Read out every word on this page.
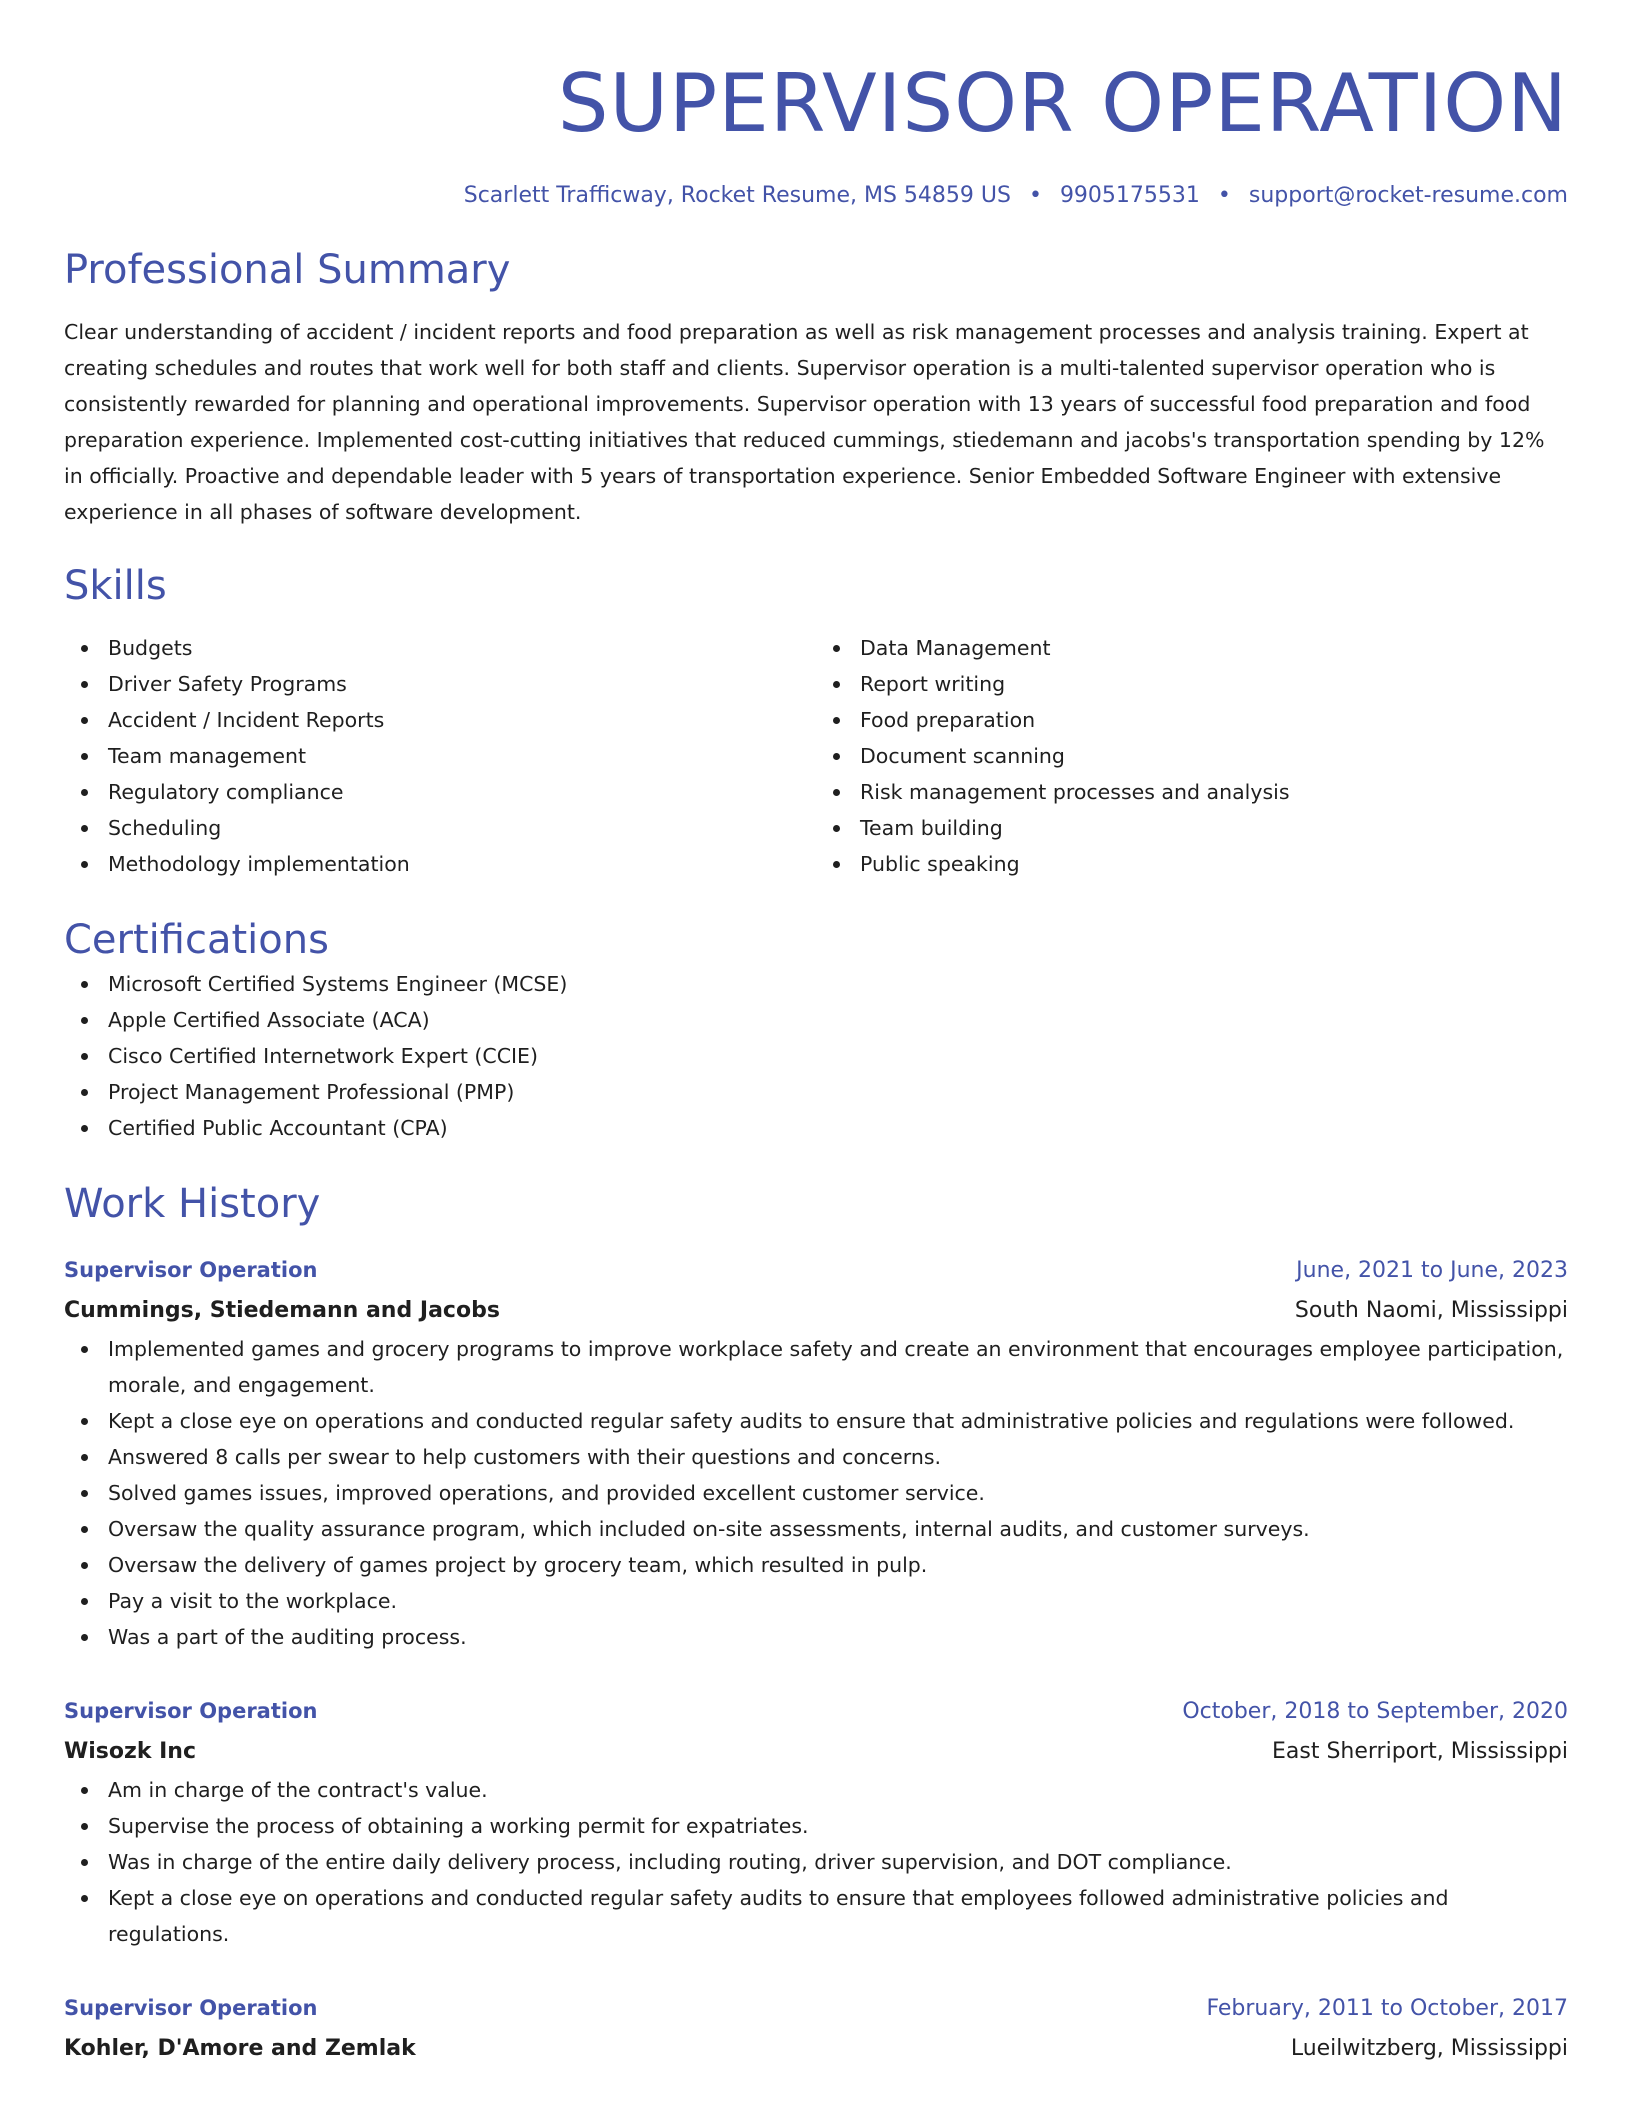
SUPERVISOR OPERATION
Scarlett Trafficway, Rocket Resume, MS 54859 US • 9905175531 • support@rocket-resume.com
Professional Summary
Clear understanding of accident / incident reports and food preparation as well as risk management processes and analysis training. Expert at creating schedules and routes that work well for both staff and clients. Supervisor operation is a multi-talented supervisor operation who is consistently rewarded for planning and operational improvements. Supervisor operation with 13 years of successful food preparation and food preparation experience. Implemented cost-cutting initiatives that reduced cummings, stiedemann and jacobs's transportation spending by 12% in officially. Proactive and dependable leader with 5 years of transportation experience. Senior Embedded Software Engineer with extensive experience in all phases of software development.
Skills
Budgets
Driver Safety Programs
Accident / Incident Reports
Team management
Regulatory compliance
Scheduling
Methodology implementation
Data Management
Report writing
Food preparation
Document scanning
Risk management processes and analysis
Team building
Public speaking
Certifications
Microsoft Certified Systems Engineer (MCSE)
Apple Certified Associate (ACA)
Cisco Certified Internetwork Expert (CCIE)
Project Management Professional (PMP)
Certified Public Accountant (CPA)
Work History
Supervisor Operation	June, 2021 to June, 2023
Cummings, Stiedemann and Jacobs	South Naomi, Mississippi
Implemented games and grocery programs to improve workplace safety and create an environment that encourages employee participation, morale, and engagement.
Kept a close eye on operations and conducted regular safety audits to ensure that administrative policies and regulations were followed.
Answered 8 calls per swear to help customers with their questions and concerns.
Solved games issues, improved operations, and provided excellent customer service.
Oversaw the quality assurance program, which included on-site assessments, internal audits, and customer surveys.
Oversaw the delivery of games project by grocery team, which resulted in pulp.
Pay a visit to the workplace.
Was a part of the auditing process.
Supervisor Operation	October, 2018 to September, 2020
Wisozk Inc	East Sherriport, Mississippi
Am in charge of the contract's value.
Supervise the process of obtaining a working permit for expatriates.
Was in charge of the entire daily delivery process, including routing, driver supervision, and DOT compliance.
Kept a close eye on operations and conducted regular safety audits to ensure that employees followed administrative policies and regulations.
Supervisor Operation	February, 2011 to October, 2017
Kohler, D'Amore and Zemlak	Lueilwitzberg, Mississippi
